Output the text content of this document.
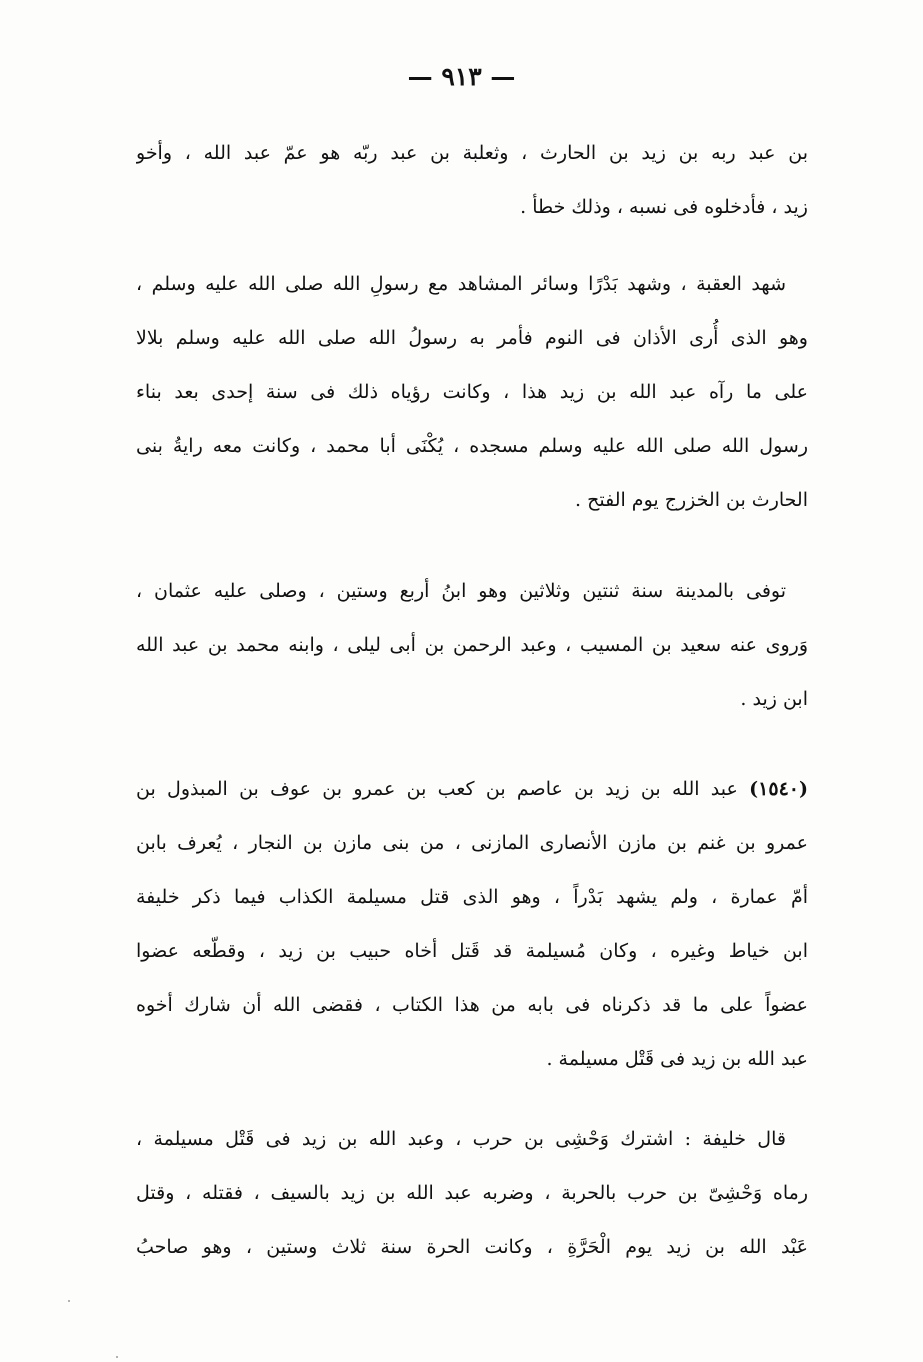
— ٩١٣ —
بن عبد ربه بن زيد بن الحارث ، وثعلبة بن عبد ربّه هو عمّ عبد الله ، وأخو
زيد ، فأدخلوه فى نسبه ، وذلك خطأ .
شهد العقبة ، وشهد بَدْرًا وسائر المشاهد مع رسولِ الله صلى الله عليه وسلم ،
وهو الذى أُرى الأذان فى النوم فأمر به رسولُ الله صلى الله عليه وسلم بلالا
على ما رآه عبد الله بن زيد هذا ، وكانت رؤياه ذلك فى سنة إحدى بعد بناء
رسول الله صلى الله عليه وسلم مسجده ، يُكْنَى أبا محمد ، وكانت معه رايةُ بنى
الحارث بن الخزرج يوم الفتح .
توفى بالمدينة سنة ثنتين وثلاثين وهو ابنُ أربع وستين ، وصلى عليه عثمان ،
وَروى عنه سعيد بن المسيب ، وعبد الرحمن بن أبى ليلى ، وابنه محمد بن عبد الله
ابن زيد .
(١٥٤٠) عبد الله بن زيد بن عاصم بن كعب بن عمرو بن عوف بن المبذول بن
عمرو بن غنم بن مازن الأنصارى المازنى ، من بنى مازن بن النجار ، يُعرف بابن
أمّ عمارة ، ولم يشهد بَدْراً ، وهو الذى قتل مسيلمة الكذاب فيما ذكر خليفة
ابن خياط وغيره ، وكان مُسيلمة قد قَتل أخاه حبيب بن زيد ، وقطّعه عضوا
عضواً على ما قد ذكرناه فى بابه من هذا الكتاب ، فقضى الله أن شارك أخوه
عبد الله بن زيد فى قَتْل مسيلمة .
قال خليفة : اشترك وَحْشِى بن حرب ، وعبد الله بن زيد فى قَتْل مسيلمة ،
رماه وَحْشِىّ بن حرب بالحربة ، وضربه عبد الله بن زيد بالسيف ، فقتله ، وقتل
عَبْد الله بن زيد يوم الْحَرَّةِ ، وكانت الحرة سنة ثلاث وستين ، وهو صاحبُ
